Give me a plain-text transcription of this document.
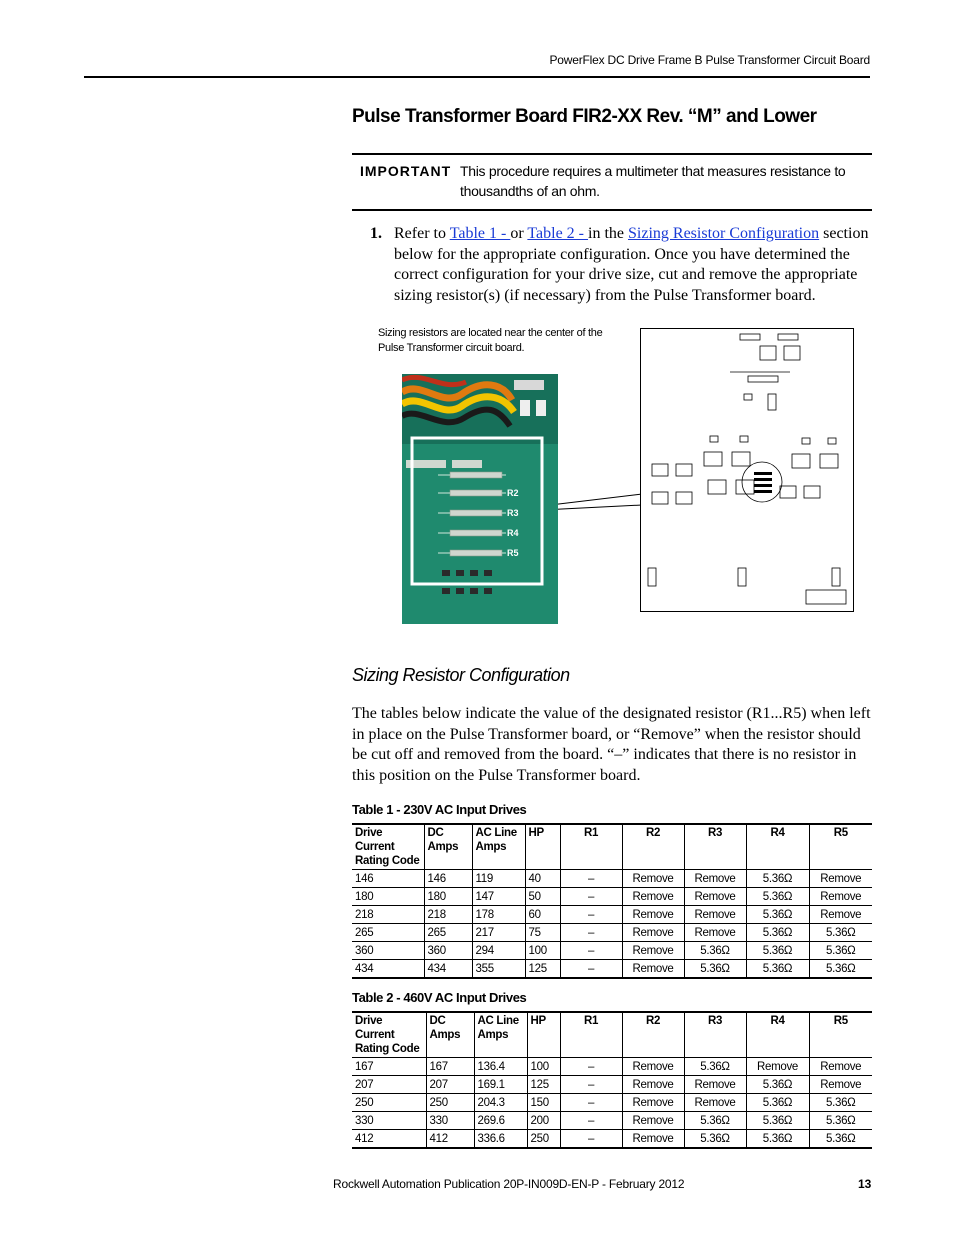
PowerFlex DC Drive Frame B Pulse Transformer Circuit Board
Pulse Transformer Board FIR2-XX Rev. “M” and Lower
IMPORTANT This procedure requires a multimeter that measures resistance to thousandths of an ohm.
1. Refer to Table 1 - or Table 2 - in the Sizing Resistor Configuration section below for the appropriate configuration. Once you have determined the correct configuration for your drive size, cut and remove the appropriate sizing resistor(s) (if necessary) from the Pulse Transformer board.
Sizing resistors are located near the center of the Pulse Transformer circuit board.
R2
R3
R4
R5
Sizing Resistor Configuration
The tables below indicate the value of the designated resistor (R1...R5) when left in place on the Pulse Transformer board, or “Remove” when the resistor should be cut off and removed from the board. “–” indicates that there is no resistor in this position on the Pulse Transformer board.
Table 1 - 230V AC Input Drives
Drive Current Rating Code	DC Amps	AC Line Amps	HP	R1	R2	R3	R4	R5
146	146	119	40	–	Remove	Remove	5.36Ω	Remove
180	180	147	50	–	Remove	Remove	5.36Ω	Remove
218	218	178	60	–	Remove	Remove	5.36Ω	Remove
265	265	217	75	–	Remove	Remove	5.36Ω	5.36Ω
360	360	294	100	–	Remove	5.36Ω	5.36Ω	5.36Ω
434	434	355	125	–	Remove	5.36Ω	5.36Ω	5.36Ω
Table 2 - 460V AC Input Drives
Drive Current Rating Code	DC Amps	AC Line Amps	HP	R1	R2	R3	R4	R5
167	167	136.4	100	–	Remove	5.36Ω	Remove	Remove
207	207	169.1	125	–	Remove	Remove	5.36Ω	Remove
250	250	204.3	150	–	Remove	Remove	5.36Ω	5.36Ω
330	330	269.6	200	–	Remove	5.36Ω	5.36Ω	5.36Ω
412	412	336.6	250	–	Remove	5.36Ω	5.36Ω	5.36Ω
Rockwell Automation Publication 20P-IN009D-EN-P - February 2012	13
